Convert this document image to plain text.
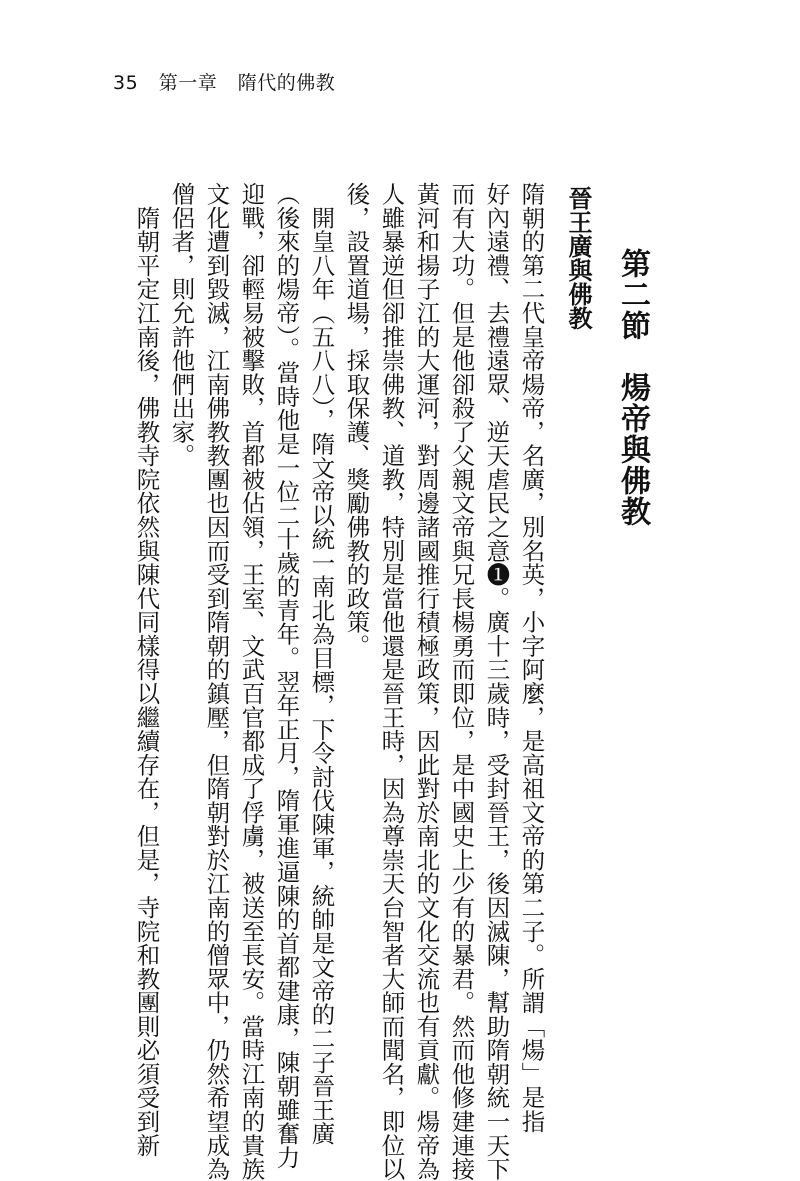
35 第一章 隋代的佛教
第二節　煬帝與佛教
晉王廣與佛教
隋朝的第二代皇帝煬帝，名廣，別名英，小字阿麼，是高祖文帝的第二子。所謂「煬」是指
好內遠禮、去禮遠眾、逆天虐民之意❶。廣十三歲時，受封晉王，後因滅陳，幫助隋朝統一天下
而有大功。但是他卻殺了父親文帝與兄長楊勇而即位，是中國史上少有的暴君。然而他修建連接
黃河和揚子江的大運河，對周邊諸國推行積極政策，因此對於南北的文化交流也有貢獻。煬帝為
人雖暴逆但卻推崇佛教、道教，特別是當他還是晉王時，因為尊崇天台智者大師而聞名，即位以
後，設置道場，採取保護、獎勵佛教的政策。
　開皇八年（五八八），隋文帝以統一南北為目標，下令討伐陳軍，統帥是文帝的二子晉王廣
（後來的煬帝）。當時他是一位二十歲的青年。翌年正月，隋軍進逼陳的首都建康，陳朝雖奮力
迎戰，卻輕易被擊敗，首都被佔領，王室、文武百官都成了俘虜，被送至長安。當時江南的貴族
文化遭到毀滅，江南佛教教團也因而受到隋朝的鎮壓，但隋朝對於江南的僧眾中，仍然希望成為
僧侶者，則允許他們出家。
　隋朝平定江南後，佛教寺院依然與陳代同樣得以繼續存在，但是，寺院和教團則必須受到新
